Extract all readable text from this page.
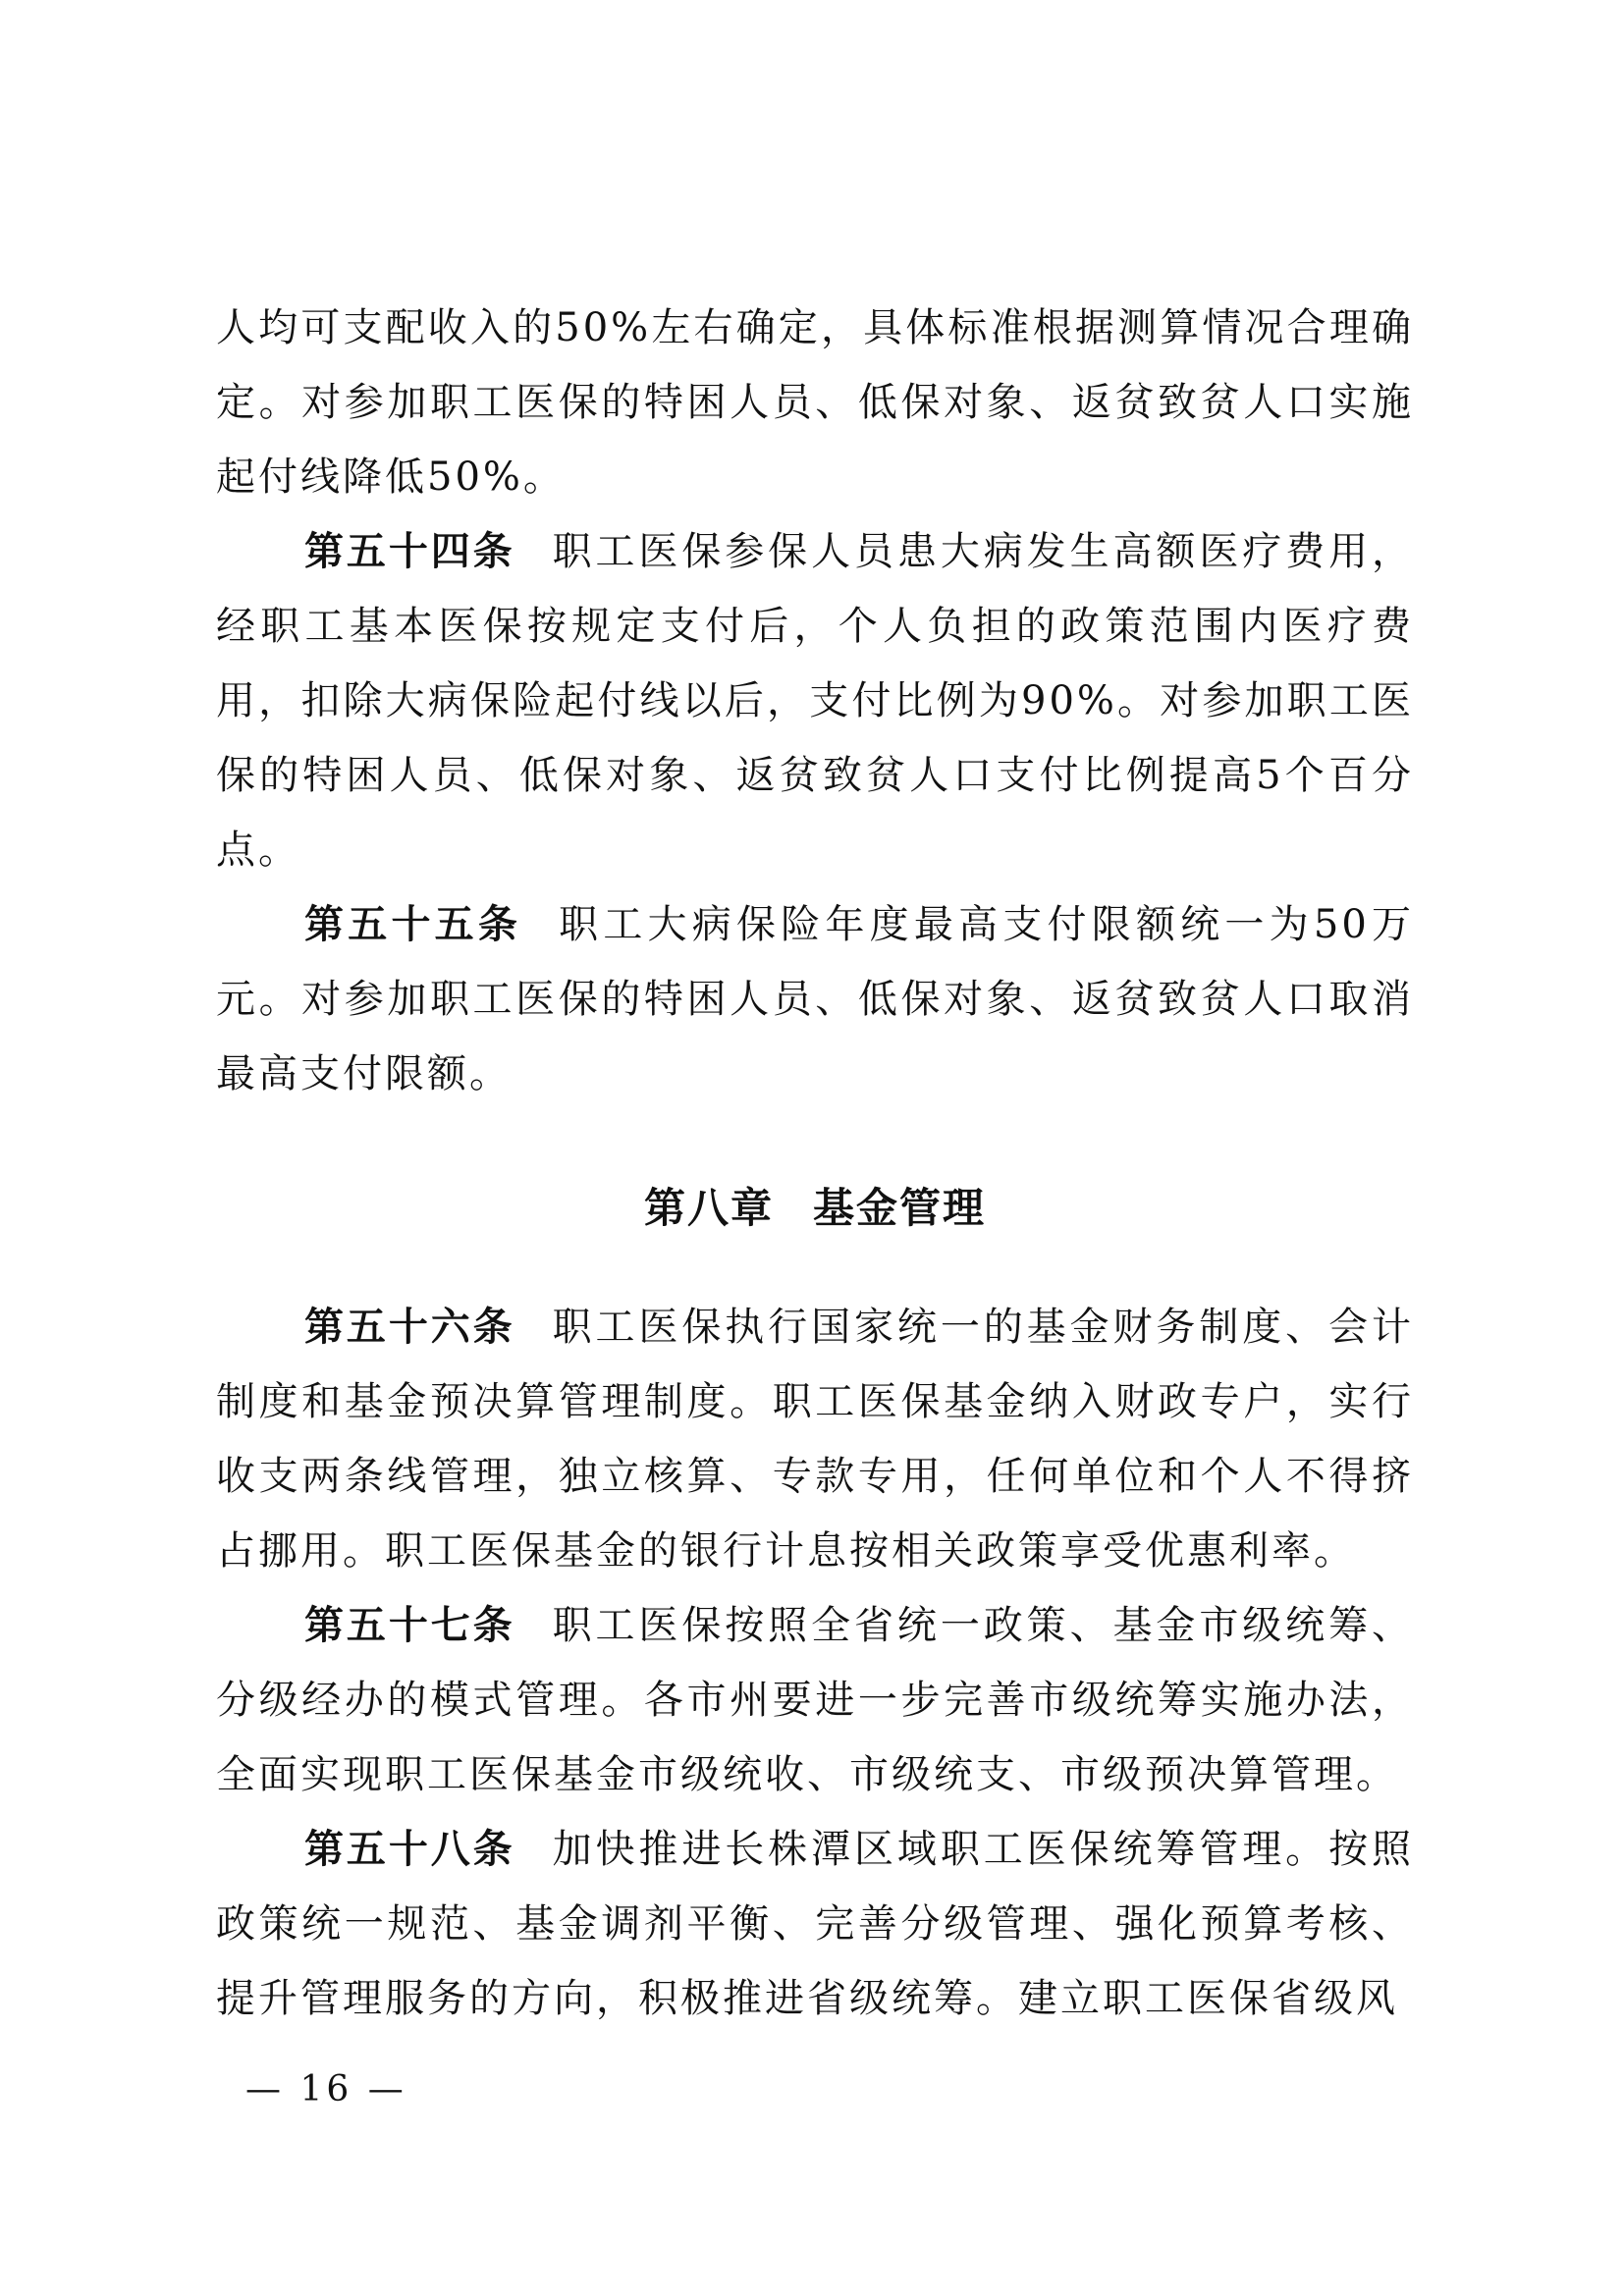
人均可支配收入的50%左右确定，具体标准根据测算情况合理确定。对参加职工医保的特困人员、低保对象、返贫致贫人口实施起付线降低50%。

第五十四条 职工医保参保人员患大病发生高额医疗费用，经职工基本医保按规定支付后，个人负担的政策范围内医疗费用，扣除大病保险起付线以后，支付比例为90%。对参加职工医保的特困人员、低保对象、返贫致贫人口支付比例提高5个百分点。

第五十五条 职工大病保险年度最高支付限额统一为50万元。对参加职工医保的特困人员、低保对象、返贫致贫人口取消最高支付限额。

第八章 基金管理

第五十六条 职工医保执行国家统一的基金财务制度、会计制度和基金预决算管理制度。职工医保基金纳入财政专户，实行收支两条线管理，独立核算、专款专用，任何单位和个人不得挤占挪用。职工医保基金的银行计息按相关政策享受优惠利率。

第五十七条 职工医保按照全省统一政策、基金市级统筹、分级经办的模式管理。各市州要进一步完善市级统筹实施办法，全面实现职工医保基金市级统收、市级统支、市级预决算管理。

第五十八条 加快推进长株潭区域职工医保统筹管理。按照政策统一规范、基金调剂平衡、完善分级管理、强化预算考核、提升管理服务的方向，积极推进省级统筹。建立职工医保省级风

— 16 —
